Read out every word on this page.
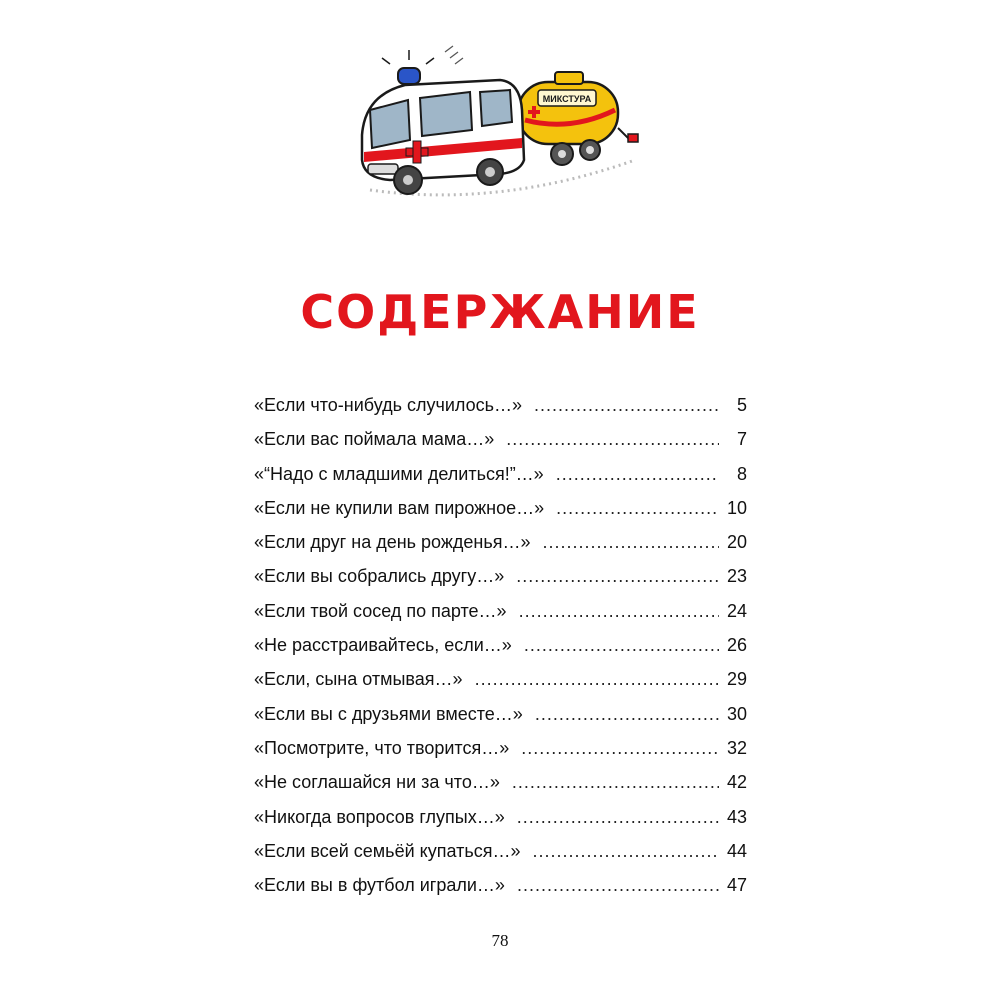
МИКСТУРА
СОДЕРЖАНИЕ
«Если что-нибудь случилось…» .....	5
«Если вас поймала мама…» .....	7
«“Надо с младшими делиться!”…» .....	8
«Если не купили вам пирожное…» .....	10
«Если друг на день рожденья…» .....	20
«Если вы собрались другу…» .....	23
«Если твой сосед по парте…» .....	24
«Не расстраивайтесь, если…» .....	26
«Если, сына отмывая…» .....	29
«Если вы с друзьями вместе…» .....	30
«Посмотрите, что творится…» .....	32
«Не соглашайся ни за что…» .....	42
«Никогда вопросов глупых…» .....	43
«Если всей семьёй купаться…» .....	44
«Если вы в футбол играли…» .....	47
78
